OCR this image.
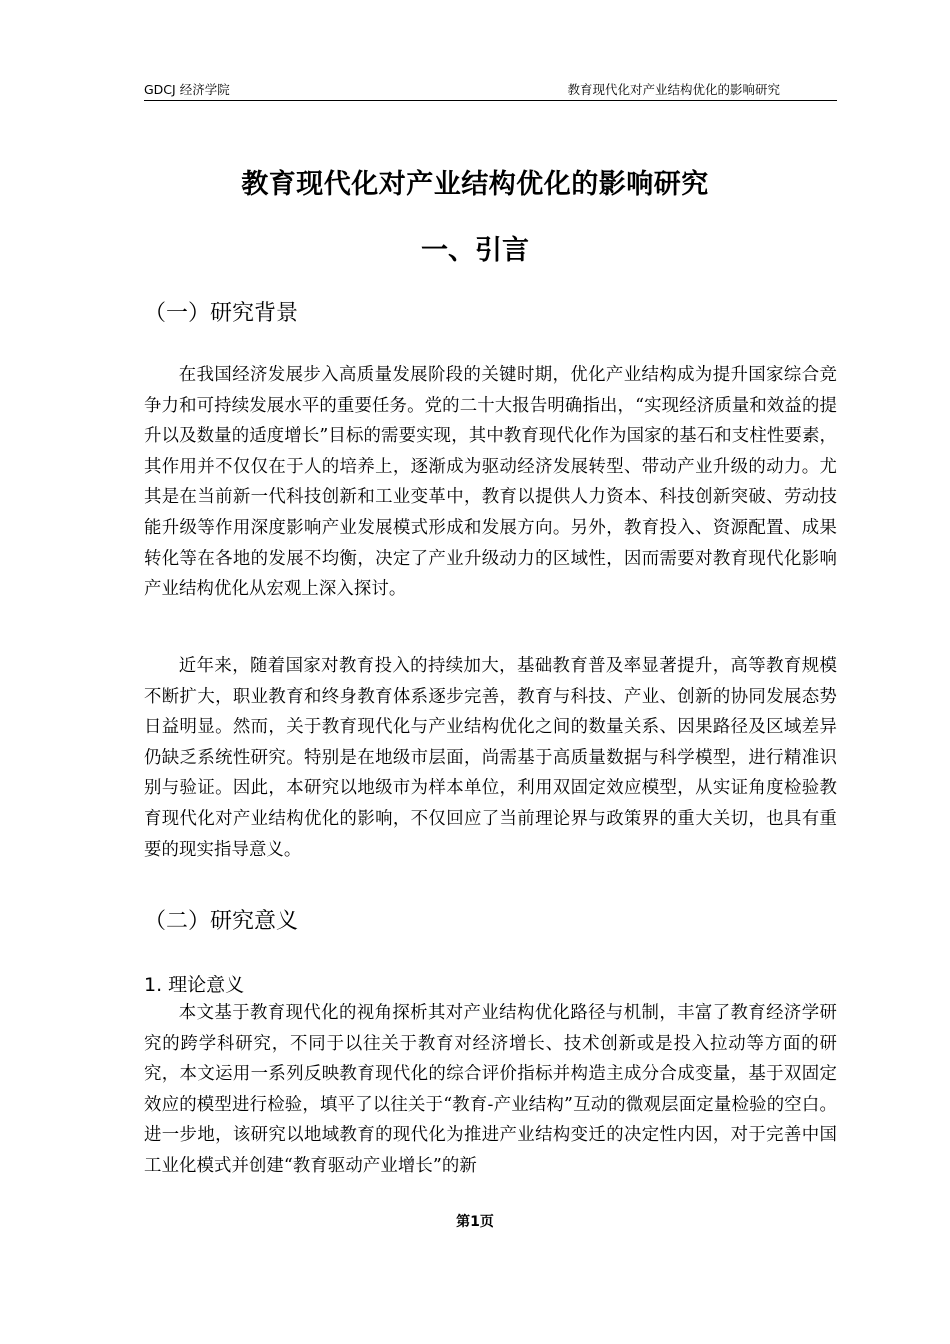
GDCJ 经济学院	教育现代化对产业结构优化的影响研究
教育现代化对产业结构优化的影响研究
一、引言
（一）研究背景

在我国经济发展步入高质量发展阶段的关键时期，优化产业结构成为提升国家综合竞争力和可持续发展水平的重要任务。党的二十大报告明确指出，“实现经济质量和效益的提升以及数量的适度增长”目标的需要实现，其中教育现代化作为国家的基石和支柱性要素，其作用并不仅仅在于人的培养上，逐渐成为驱动经济发展转型、带动产业升级的动力。尤其是在当前新一代科技创新和工业变革中，教育以提供人力资本、科技创新突破、劳动技能升级等作用深度影响产业发展模式形成和发展方向。另外，教育投入、资源配置、成果转化等在各地的发展不均衡，决定了产业升级动力的区域性，因而需要对教育现代化影响产业结构优化从宏观上深入探讨。

近年来，随着国家对教育投入的持续加大，基础教育普及率显著提升，高等教育规模不断扩大，职业教育和终身教育体系逐步完善，教育与科技、产业、创新的协同发展态势日益明显。然而，关于教育现代化与产业结构优化之间的数量关系、因果路径及区域差异仍缺乏系统性研究。特别是在地级市层面，尚需基于高质量数据与科学模型，进行精准识别与验证。因此，本研究以地级市为样本单位，利用双固定效应模型，从实证角度检验教育现代化对产业结构优化的影响，不仅回应了当前理论界与政策界的重大关切，也具有重要的现实指导意义。

（二）研究意义
1. 理论意义

本文基于教育现代化的视角探析其对产业结构优化路径与机制，丰富了教育经济学研究的跨学科研究，不同于以往关于教育对经济增长、技术创新或是投入拉动等方面的研究，本文运用一系列反映教育现代化的综合评价指标并构造主成分合成变量，基于双固定效应的模型进行检验，填平了以往关于“教育-产业结构”互动的微观层面定量检验的空白。进一步地，该研究以地域教育的现代化为推进产业结构变迁的决定性内因，对于完善中国工业化模式并创建“教育驱动产业增长”的新

第1页
